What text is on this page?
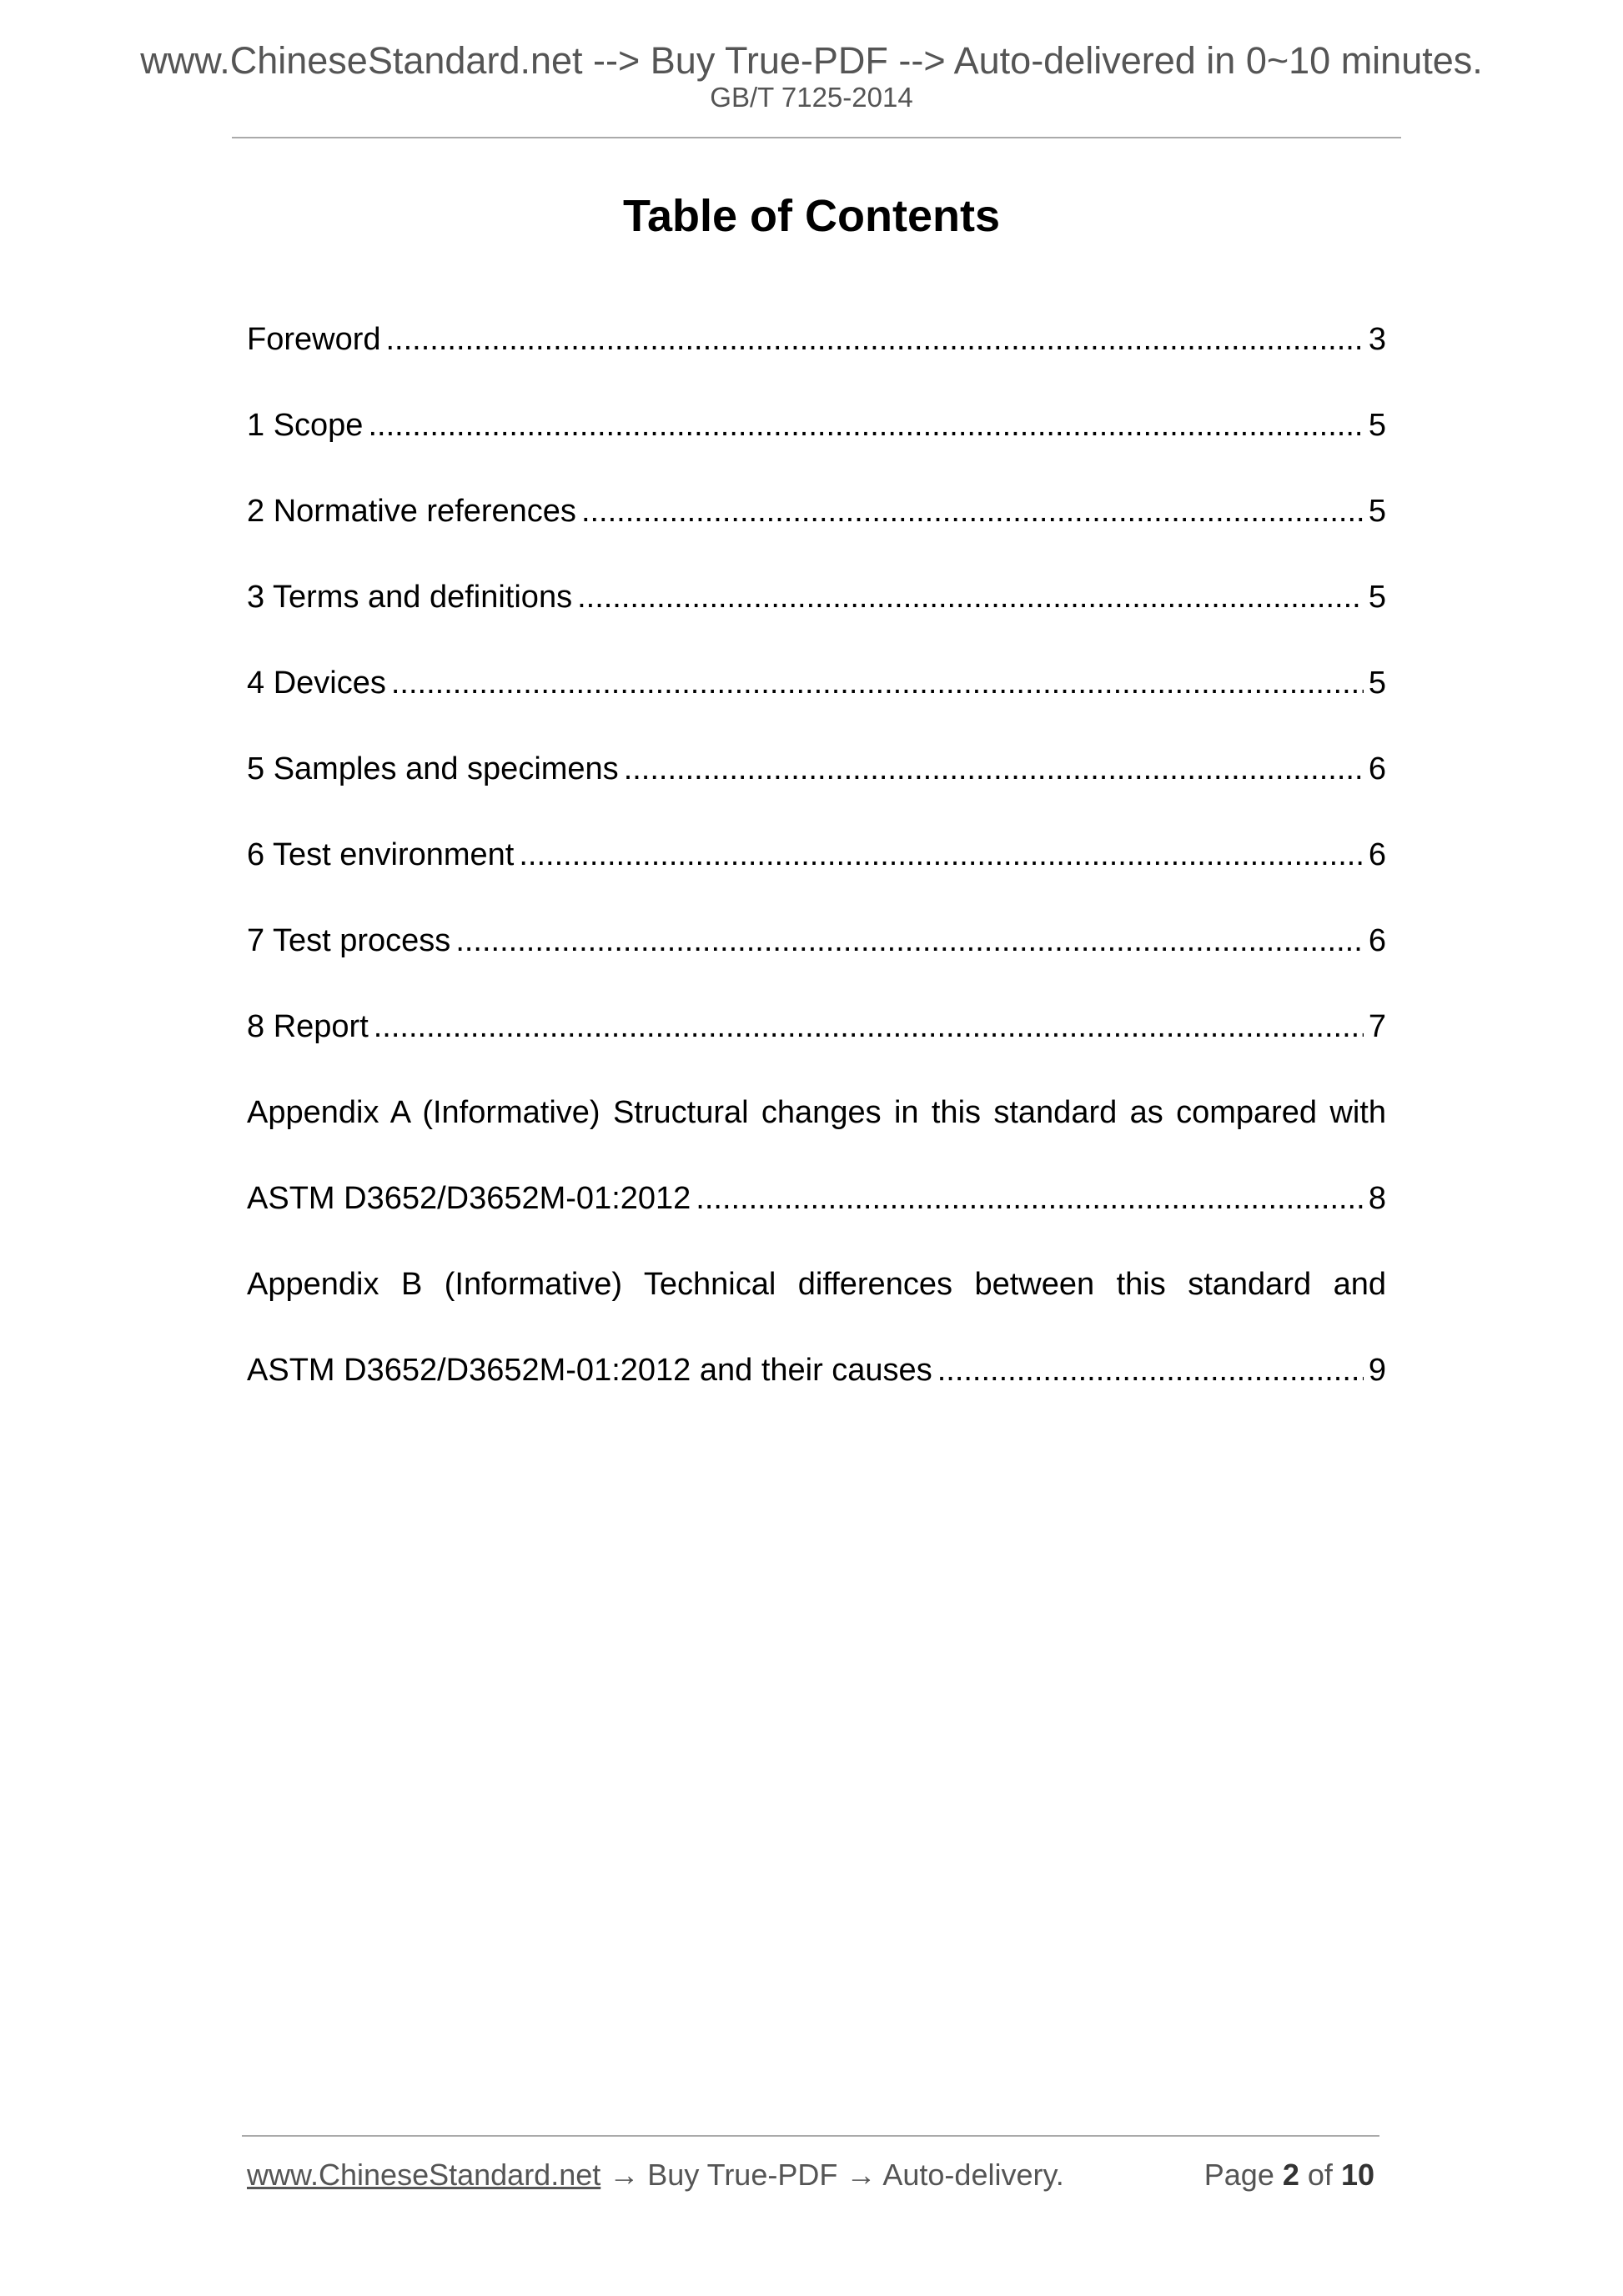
www.ChineseStandard.net --> Buy True-PDF --> Auto-delivered in 0~10 minutes.
GB/T 7125-2014
Table of Contents
Foreword .....	3
1 Scope .....	5
2 Normative references .....	5
3 Terms and definitions .....	5
4 Devices .....	5
5 Samples and specimens .....	6
6 Test environment .....	6
7 Test process .....	6
8 Report .....	7
Appendix A (Informative) Structural changes in this standard as compared with
ASTM D3652/D3652M-01:2012 .....	8
Appendix B (Informative) Technical differences between this standard and
ASTM D3652/D3652M-01:2012 and their causes .....	9
www.ChineseStandard.net → Buy True-PDF → Auto-delivery.	Page 2 of 10
